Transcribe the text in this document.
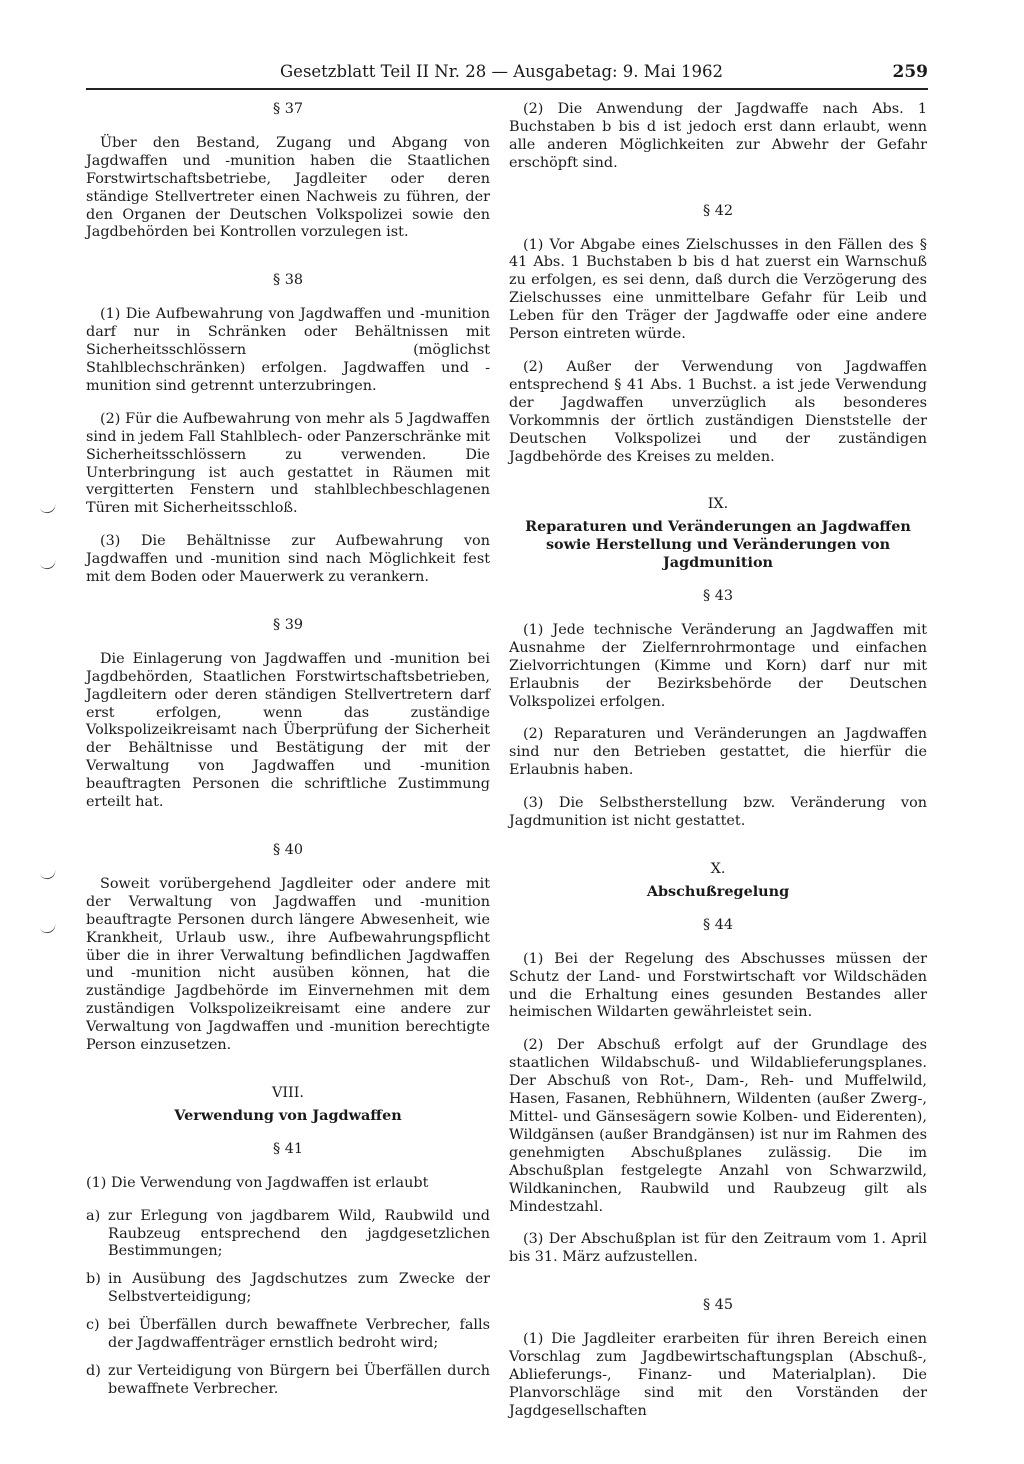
Gesetzblatt Teil II Nr. 28 — Ausgabetag: 9. Mai 1962	259
§ 37

Über den Bestand, Zugang und Abgang von Jagdwaffen und -munition haben die Staatlichen Forstwirtschaftsbetriebe, Jagdleiter oder deren ständige Stellvertreter einen Nachweis zu führen, der den Organen der Deutschen Volkspolizei sowie den Jagdbehörden bei Kontrollen vorzulegen ist.

§ 38

(1) Die Aufbewahrung von Jagdwaffen und -munition darf nur in Schränken oder Behältnissen mit Sicherheitsschlössern (möglichst Stahlblechschränken) erfolgen. Jagdwaffen und -munition sind getrennt unterzubringen.

(2) Für die Aufbewahrung von mehr als 5 Jagdwaffen sind in jedem Fall Stahlblech- oder Panzerschränke mit Sicherheitsschlössern zu verwenden. Die Unterbringung ist auch gestattet in Räumen mit vergitterten Fenstern und stahlblechbeschlagenen Türen mit Sicherheitsschloß.

(3) Die Behältnisse zur Aufbewahrung von Jagdwaffen und -munition sind nach Möglichkeit fest mit dem Boden oder Mauerwerk zu verankern.

§ 39

Die Einlagerung von Jagdwaffen und -munition bei Jagdbehörden, Staatlichen Forstwirtschaftsbetrieben, Jagdleitern oder deren ständigen Stellvertretern darf erst erfolgen, wenn das zuständige Volkspolizeikreisamt nach Überprüfung der Sicherheit der Behältnisse und Bestätigung der mit der Verwaltung von Jagdwaffen und -munition beauftragten Personen die schriftliche Zustimmung erteilt hat.

§ 40

Soweit vorübergehend Jagdleiter oder andere mit der Verwaltung von Jagdwaffen und -munition beauftragte Personen durch längere Abwesenheit, wie Krankheit, Urlaub usw., ihre Aufbewahrungspflicht über die in ihrer Verwaltung befindlichen Jagdwaffen und -munition nicht ausüben können, hat die zuständige Jagdbehörde im Einvernehmen mit dem zuständigen Volkspolizeikreisamt eine andere zur Verwaltung von Jagdwaffen und -munition berechtigte Person einzusetzen.

VIII.
Verwendung von Jagdwaffen
§ 41

(1) Die Verwendung von Jagdwaffen ist erlaubt

a) zur Erlegung von jagdbarem Wild, Raubwild und Raubzeug entsprechend den jagdgesetzlichen Bestimmungen;
b) in Ausübung des Jagdschutzes zum Zwecke der Selbstverteidigung;
c) bei Überfällen durch bewaffnete Verbrecher, falls der Jagdwaffenträger ernstlich bedroht wird;
d) zur Verteidigung von Bürgern bei Überfällen durch bewaffnete Verbrecher.

(2) Die Anwendung der Jagdwaffe nach Abs. 1 Buchstaben b bis d ist jedoch erst dann erlaubt, wenn alle anderen Möglichkeiten zur Abwehr der Gefahr erschöpft sind.

§ 42

(1) Vor Abgabe eines Zielschusses in den Fällen des § 41 Abs. 1 Buchstaben b bis d hat zuerst ein Warnschuß zu erfolgen, es sei denn, daß durch die Verzögerung des Zielschusses eine unmittelbare Gefahr für Leib und Leben für den Träger der Jagdwaffe oder eine andere Person eintreten würde.

(2) Außer der Verwendung von Jagdwaffen entsprechend § 41 Abs. 1 Buchst. a ist jede Verwendung der Jagdwaffen unverzüglich als besonderes Vorkommnis der örtlich zuständigen Dienststelle der Deutschen Volkspolizei und der zuständigen Jagdbehörde des Kreises zu melden.

IX.
Reparaturen und Veränderungen an Jagdwaffen sowie Herstellung und Veränderungen von Jagdmunition
§ 43

(1) Jede technische Veränderung an Jagdwaffen mit Ausnahme der Zielfernrohrmontage und einfachen Zielvorrichtungen (Kimme und Korn) darf nur mit Erlaubnis der Bezirksbehörde der Deutschen Volkspolizei erfolgen.

(2) Reparaturen und Veränderungen an Jagdwaffen sind nur den Betrieben gestattet, die hierfür die Erlaubnis haben.

(3) Die Selbstherstellung bzw. Veränderung von Jagdmunition ist nicht gestattet.

X.
Abschußregelung
§ 44

(1) Bei der Regelung des Abschusses müssen der Schutz der Land- und Forstwirtschaft vor Wildschäden und die Erhaltung eines gesunden Bestandes aller heimischen Wildarten gewährleistet sein.

(2) Der Abschuß erfolgt auf der Grundlage des staatlichen Wildabschuß- und Wildablieferungsplanes. Der Abschuß von Rot-, Dam-, Reh- und Muffelwild, Hasen, Fasanen, Rebhühnern, Wildenten (außer Zwerg-, Mittel- und Gänsesägern sowie Kolben- und Eiderenten), Wildgänsen (außer Brandgänsen) ist nur im Rahmen des genehmigten Abschußplanes zulässig. Die im Abschußplan festgelegte Anzahl von Schwarzwild, Wildkaninchen, Raubwild und Raubzeug gilt als Mindestzahl.

(3) Der Abschußplan ist für den Zeitraum vom 1. April bis 31. März aufzustellen.

§ 45

(1) Die Jagdleiter erarbeiten für ihren Bereich einen Vorschlag zum Jagdbewirtschaftungsplan (Abschuß-, Ablieferungs-, Finanz- und Materialplan). Die Planvorschläge sind mit den Vorständen der Jagdgesellschaften
